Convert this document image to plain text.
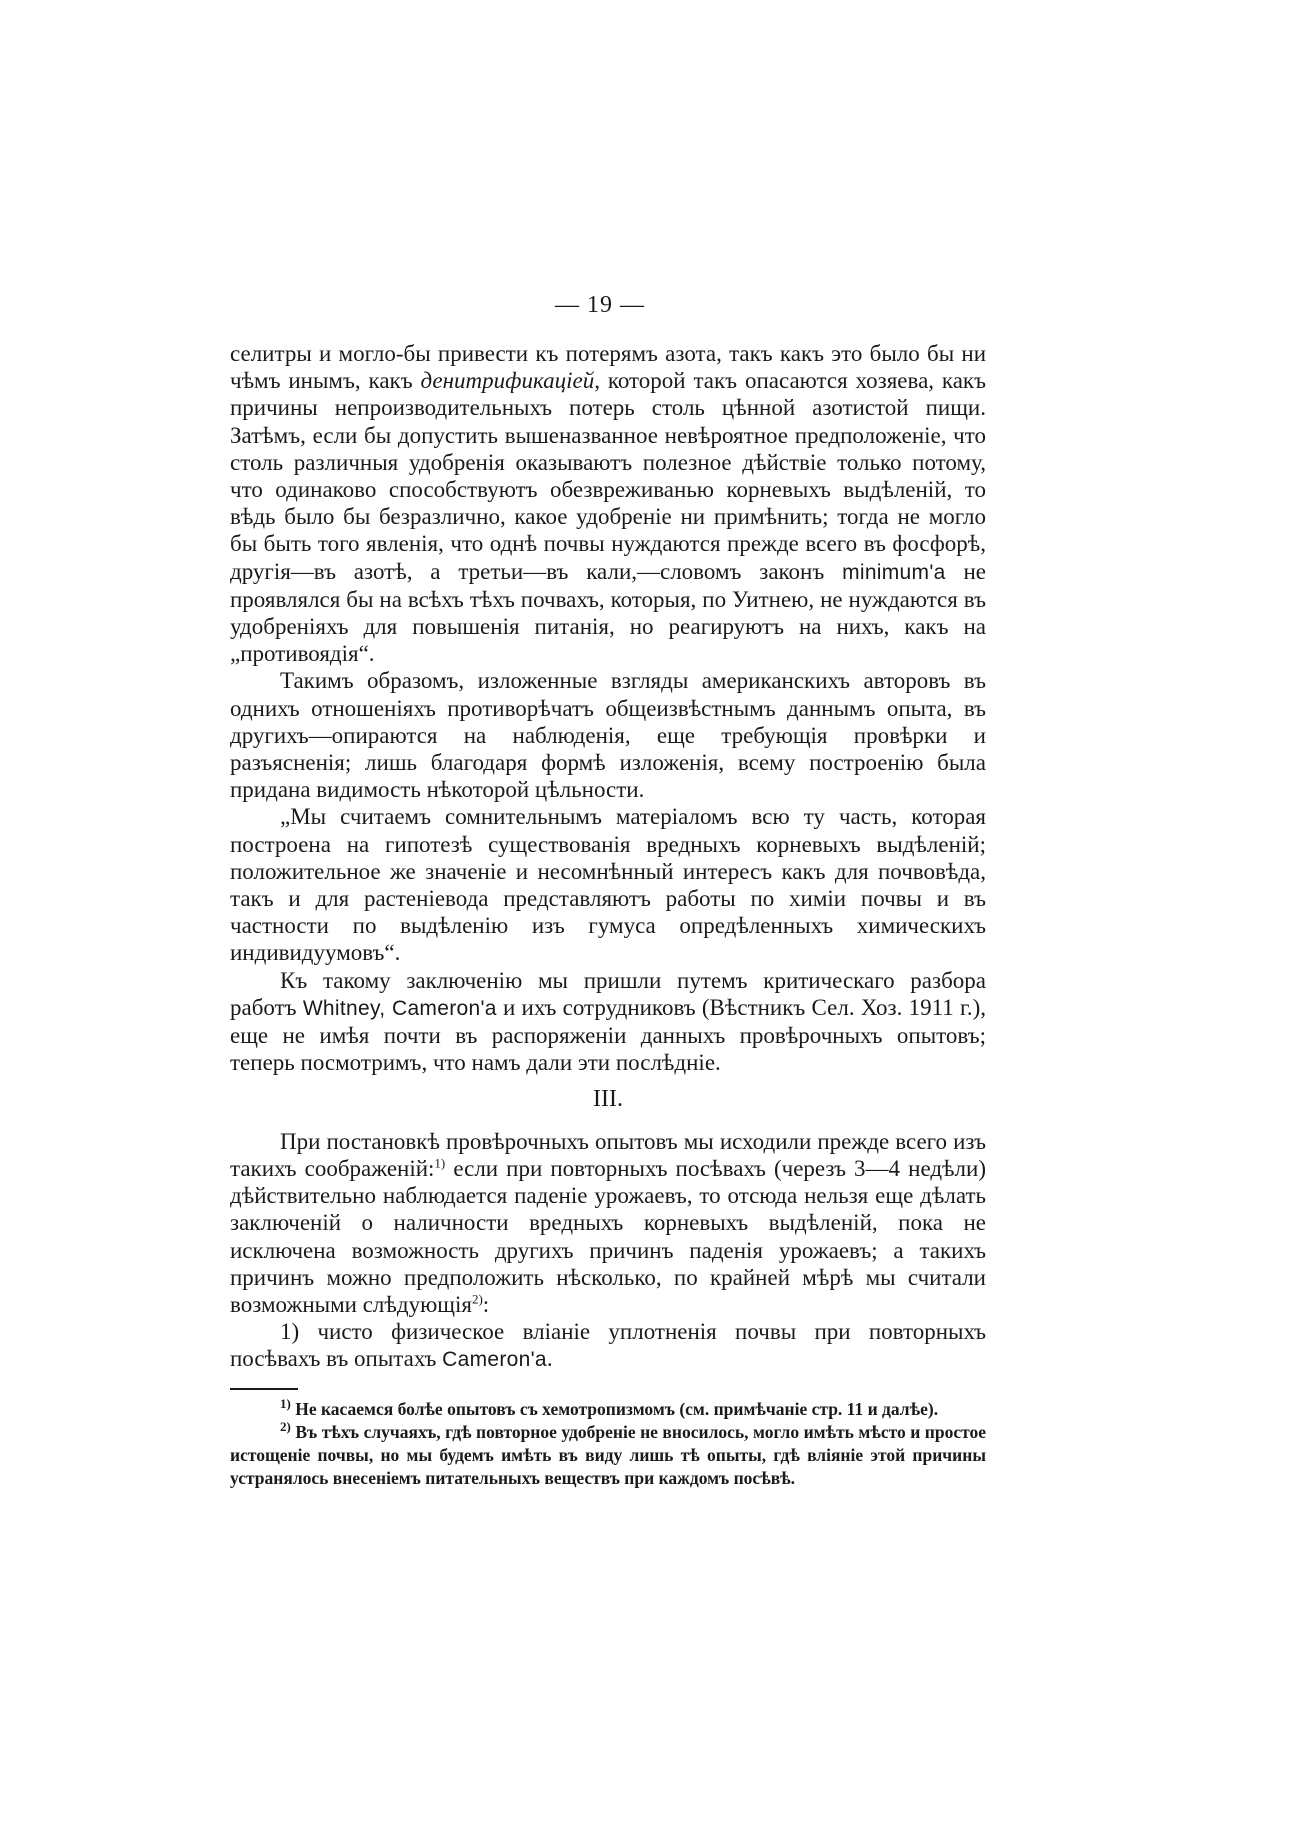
— 19 —

селитры и могло-бы привести къ потерямъ азота, такъ какъ это было бы ни чѣмъ инымъ, какъ денитрификаціей, которой такъ опасаются хозяева, какъ причины непроизводительныхъ потерь столь цѣнной азотистой пищи. Затѣмъ, если бы допустить вышеназванное невѣроятное предположеніе, что столь различныя удобренія оказываютъ полезное дѣйствіе только потому, что одинаково способствуютъ обезвреживанью корневыхъ выдѣленій, то вѣдь было бы безразлично, какое удобреніе ни примѣнить; тогда не могло бы быть того явленія, что однѣ почвы нуждаются прежде всего въ фосфорѣ, другія—въ азотѣ, а третьи—въ кали,—словомъ законъ minimum'a не проявлялся бы на всѣхъ тѣхъ почвахъ, которыя, по Уитнею, не нуждаются въ удобреніяхъ для повышенія питанія, но реагируютъ на нихъ, какъ на „противоядія“.

Такимъ образомъ, изложенные взгляды американскихъ авторовъ въ однихъ отношеніяхъ противорѣчатъ общеизвѣстнымъ даннымъ опыта, въ другихъ—опираются на наблюденія, еще требующія провѣрки и разъясненія; лишь благодаря формѣ изложенія, всему построенію была придана видимость нѣкоторой цѣльности.

„Мы считаемъ сомнительнымъ матеріаломъ всю ту часть, которая построена на гипотезѣ существованія вредныхъ корневыхъ выдѣленій; положительное же значеніе и несомнѣнный интересъ какъ для почвовѣда, такъ и для растеніевода представляютъ работы по химіи почвы и въ частности по выдѣленію изъ гумуса опредѣленныхъ химическихъ индивидуумовъ“.

Къ такому заключенію мы пришли путемъ критическаго разбора работъ Whitney, Cameron'a и ихъ сотрудниковъ (Вѣстникъ Сел. Хоз. 1911 г.), еще не имѣя почти въ распоряженіи данныхъ провѣрочныхъ опытовъ; теперь посмотримъ, что намъ дали эти послѣдніе.

III.

При постановкѣ провѣрочныхъ опытовъ мы исходили прежде всего изъ такихъ соображеній:$^{1)}$ если при повторныхъ посѣвахъ (черезъ 3—4 недѣли) дѣйствительно наблюдается паденіе урожаевъ, то отсюда нельзя еще дѣлать заключеній о наличности вредныхъ корневыхъ выдѣленій, пока не исключена возможность другихъ причинъ паденія урожаевъ; а такихъ причинъ можно предположить нѣсколько, по крайней мѣрѣ мы считали возможными слѣдующія$^{2)}$:

1) чисто физическое вліаніе уплотненія почвы при повторныхъ посѣвахъ въ опытахъ Cameron'a.

$^{1)}$ Не касаемся болѣе опытовъ съ хемотропизмомъ (см. примѣчаніе стр. 11 и далѣе).

$^{2)}$ Въ тѣхъ случаяхъ, гдѣ повторное удобреніе не вносилось, могло имѣть мѣсто и простое истощеніе почвы, но мы будемъ имѣть въ виду лишь тѣ опыты, гдѣ вліяніе этой причины устранялось внесеніемъ питательныхъ веществъ при каждомъ посѣвѣ.
